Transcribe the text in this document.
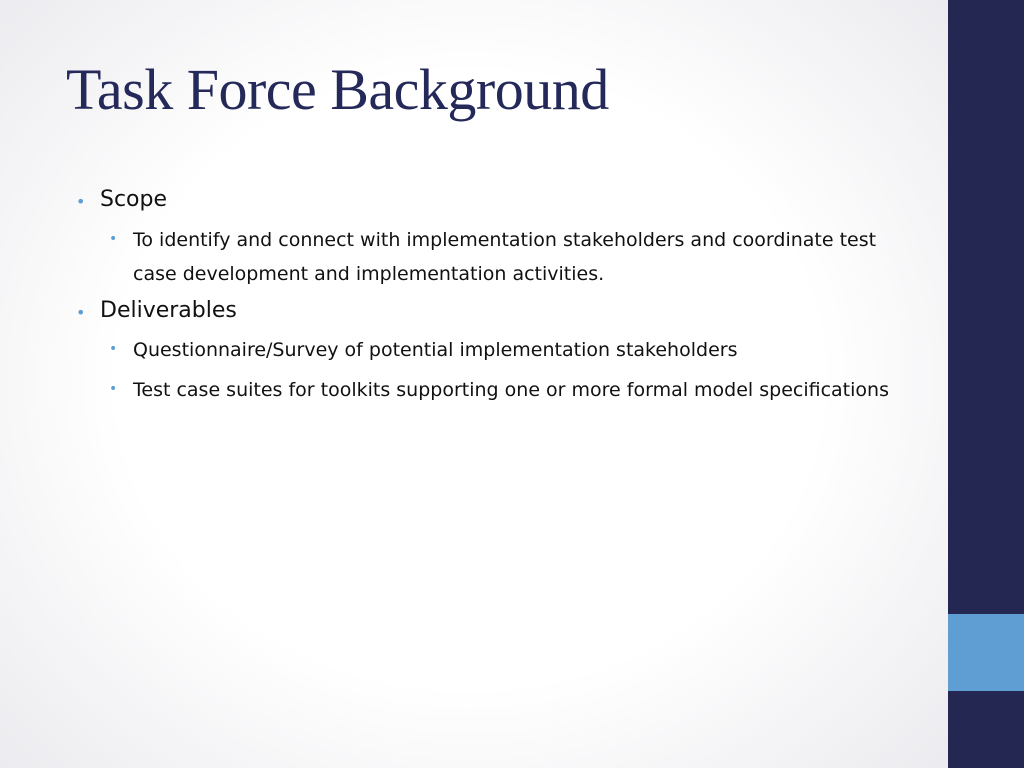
Task Force Background
• Scope
• To identify and connect with implementation stakeholders and coordinate test case development and implementation activities.
• Deliverables
• Questionnaire/Survey of potential implementation stakeholders
• Test case suites for toolkits supporting one or more formal model specifications
